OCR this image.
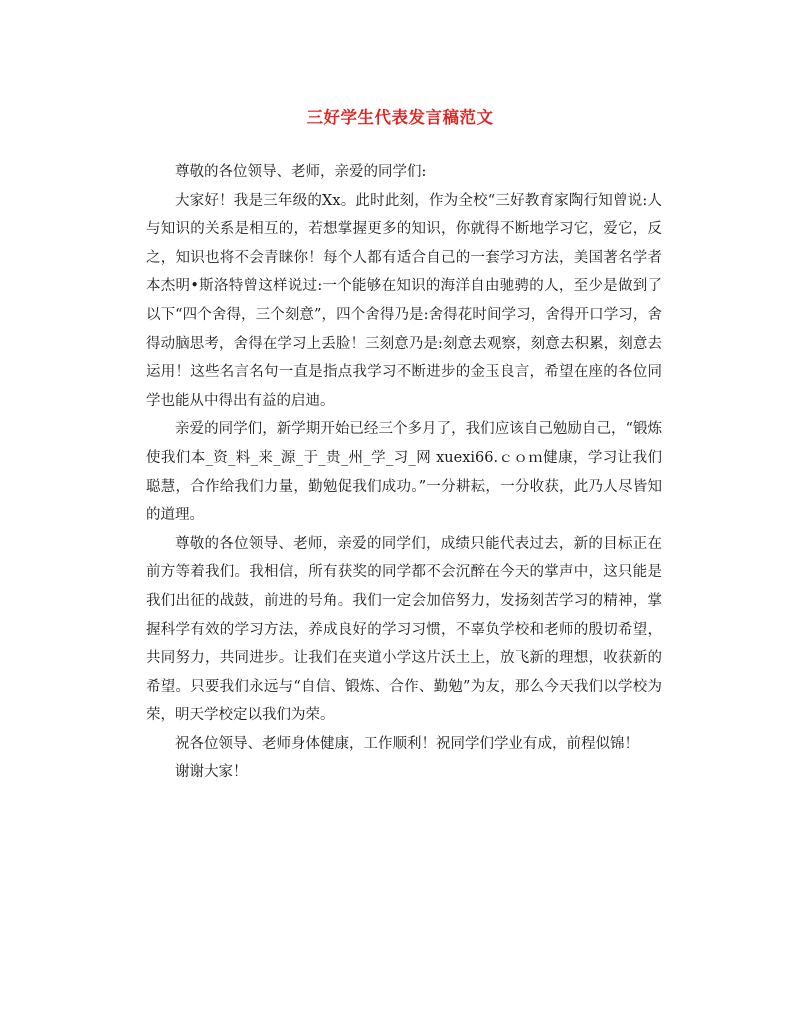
三好学生代表发言稿范文

尊敬的各位领导、老师，亲爱的同学们:

大家好！我是三年级的Xx。此时此刻，作为全校“三好教育家陶行知曾说:人与知识的关系是相互的，若想掌握更多的知识，你就得不断地学习它，爱它，反之，知识也将不会青睐你！每个人都有适合自己的一套学习方法，美国著名学者本杰明•斯洛特曾这样说过:一个能够在知识的海洋自由驰骋的人，至少是做到了以下“四个舍得，三个刻意”，四个舍得乃是:舍得花时间学习，舍得开口学习，舍得动脑思考，舍得在学习上丢脸！三刻意乃是:刻意去观察，刻意去积累，刻意去运用！这些名言名句一直是指点我学习不断进步的金玉良言，希望在座的各位同学也能从中得出有益的启迪。

亲爱的同学们，新学期开始已经三个多月了，我们应该自己勉励自己，“锻炼使我们本_资_料_来_源_于_贵_州_学_习_网 xuexi66.ｃｏｍ健康，学习让我们聪慧，合作给我们力量，勤勉促我们成功。”一分耕耘，一分收获，此乃人尽皆知的道理。

尊敬的各位领导、老师，亲爱的同学们，成绩只能代表过去，新的目标正在前方等着我们。我相信，所有获奖的同学都不会沉醉在今天的掌声中，这只能是我们出征的战鼓，前进的号角。我们一定会加倍努力，发扬刻苦学习的精神，掌握科学有效的学习方法，养成良好的学习习惯，不辜负学校和老师的殷切希望，共同努力，共同进步。让我们在夹道小学这片沃土上，放飞新的理想，收获新的希望。只要我们永远与“自信、锻炼、合作、勤勉”为友，那么今天我们以学校为荣，明天学校定以我们为荣。

祝各位领导、老师身体健康，工作顺利！祝同学们学业有成，前程似锦！

谢谢大家！
